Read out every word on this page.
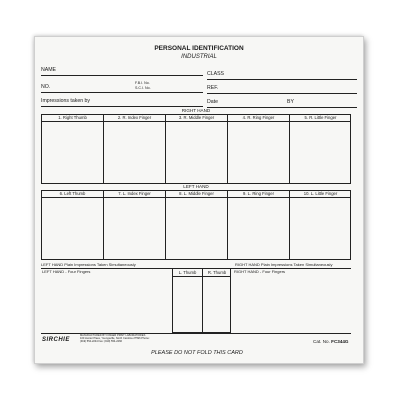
PERSONAL IDENTIFICATION
INDUSTRIAL
NAME
CLASS
NO.
F.B.I. No.
S.C.I. No.	REF.
Impressions taken by	Date	BY
RIGHT HAND
1. Right Thumb	2. R. Index Finger	3. R. Middle Finger	4. R. Ring Finger	5. R. Little Finger
LEFT HAND
6. Left Thumb	7. L. Index Finger	8. L. Middle Finger	9. L. Ring Finger	10. L. Little Finger
LEFT HAND Plain Impressions Taken Simultaneously	RIGHT HAND Plain Impressions Taken Simultaneously
LEFT HAND - Four Fingers	RIGHT HAND - Four Fingers
L. Thumb	R. Thumb
SIRCHIE
MANUFACTURED BY FINGER PRINT LABORATORIES 100 Hunter Place, Youngsville, North Carolina 27596 Phone: (919) 554-2244 Fax: (919) 554-2266
PLEASE DO NOT FOLD THIS CARD
Cat. No. FC344G
